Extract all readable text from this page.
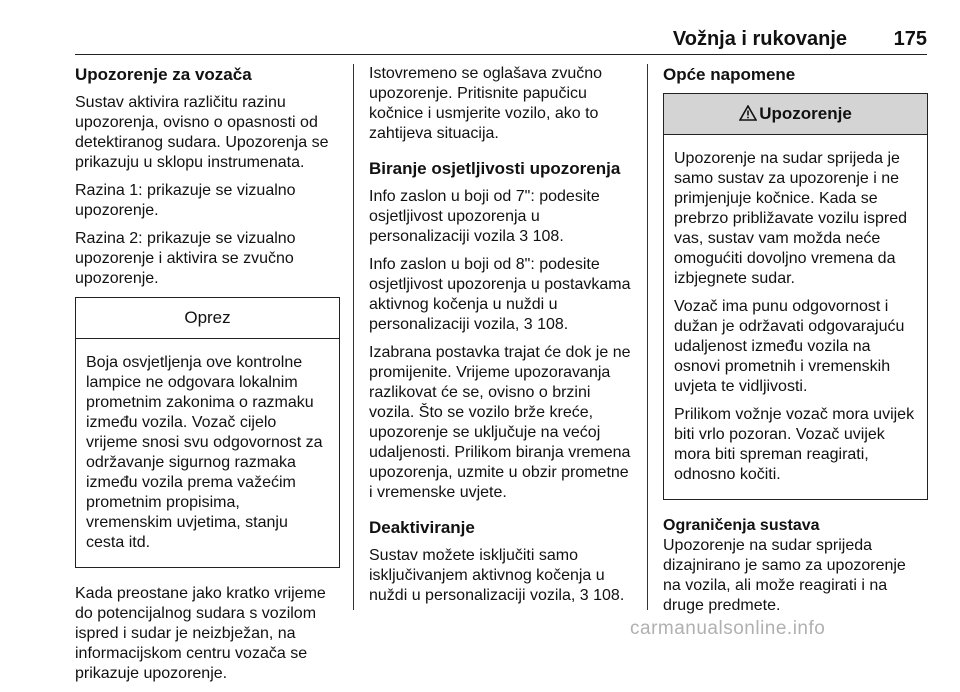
Vožnja i rukovanje 175
Upozorenje za vozača

Sustav aktivira različitu razinu upozorenja, ovisno o opasnosti od detektiranog sudara. Upozorenja se prikazuju u sklopu instrumenata.

Razina 1: prikazuje se vizualno upozorenje.

Razina 2: prikazuje se vizualno upozorenje i aktivira se zvučno upozorenje.

Oprez

Boja osvjetljenja ove kontrolne lampice ne odgovara lokalnim prometnim zakonima o razmaku između vozila. Vozač cijelo vrijeme snosi svu odgovornost za održavanje sigurnog razmaka između vozila prema važećim prometnim propisima, vremenskim uvjetima, stanju cesta itd.

Kada preostane jako kratko vrijeme do potencijalnog sudara s vozilom ispred i sudar je neizbježan, na informacijskom centru vozača se prikazuje upozorenje.

Istovremeno se oglašava zvučno upozorenje. Pritisnite papučicu kočnice i usmjerite vozilo, ako to zahtijeva situacija.

Biranje osjetljivosti upozorenja

Info zaslon u boji od 7": podesite osjetljivost upozorenja u personalizaciji vozila 3 108.

Info zaslon u boji od 8": podesite osjetljivost upozorenja u postavkama aktivnog kočenja u nuždi u personalizaciji vozila, 3 108.

Izabrana postavka trajat će dok je ne promijenite. Vrijeme upozoravanja razlikovat će se, ovisno o brzini vozila. Što se vozilo brže kreće, upozorenje se uključuje na većoj udaljenosti. Prilikom biranja vremena upozorenja, uzmite u obzir prometne i vremenske uvjete.

Deaktiviranje

Sustav možete isključiti samo isključivanjem aktivnog kočenja u nuždi u personalizaciji vozila, 3 108.

Opće napomene
Upozorenje

Upozorenje na sudar sprijeda je samo sustav za upozorenje i ne primjenjuje kočnice. Kada se prebrzo približavate vozilu ispred vas, sustav vam možda neće omogućiti dovoljno vremena da izbjegnete sudar.

Vozač ima punu odgovornost i dužan je održavati odgovarajuću udaljenost između vozila na osnovi prometnih i vremenskih uvjeta te vidljivosti.

Prilikom vožnje vozač mora uvijek biti vrlo pozoran. Vozač uvijek mora biti spreman reagirati, odnosno kočiti.

Ograničenja sustava

Upozorenje na sudar sprijeda dizajnirano je samo za upozorenje na vozila, ali može reagirati i na druge predmete.

carmanualsonline.info
